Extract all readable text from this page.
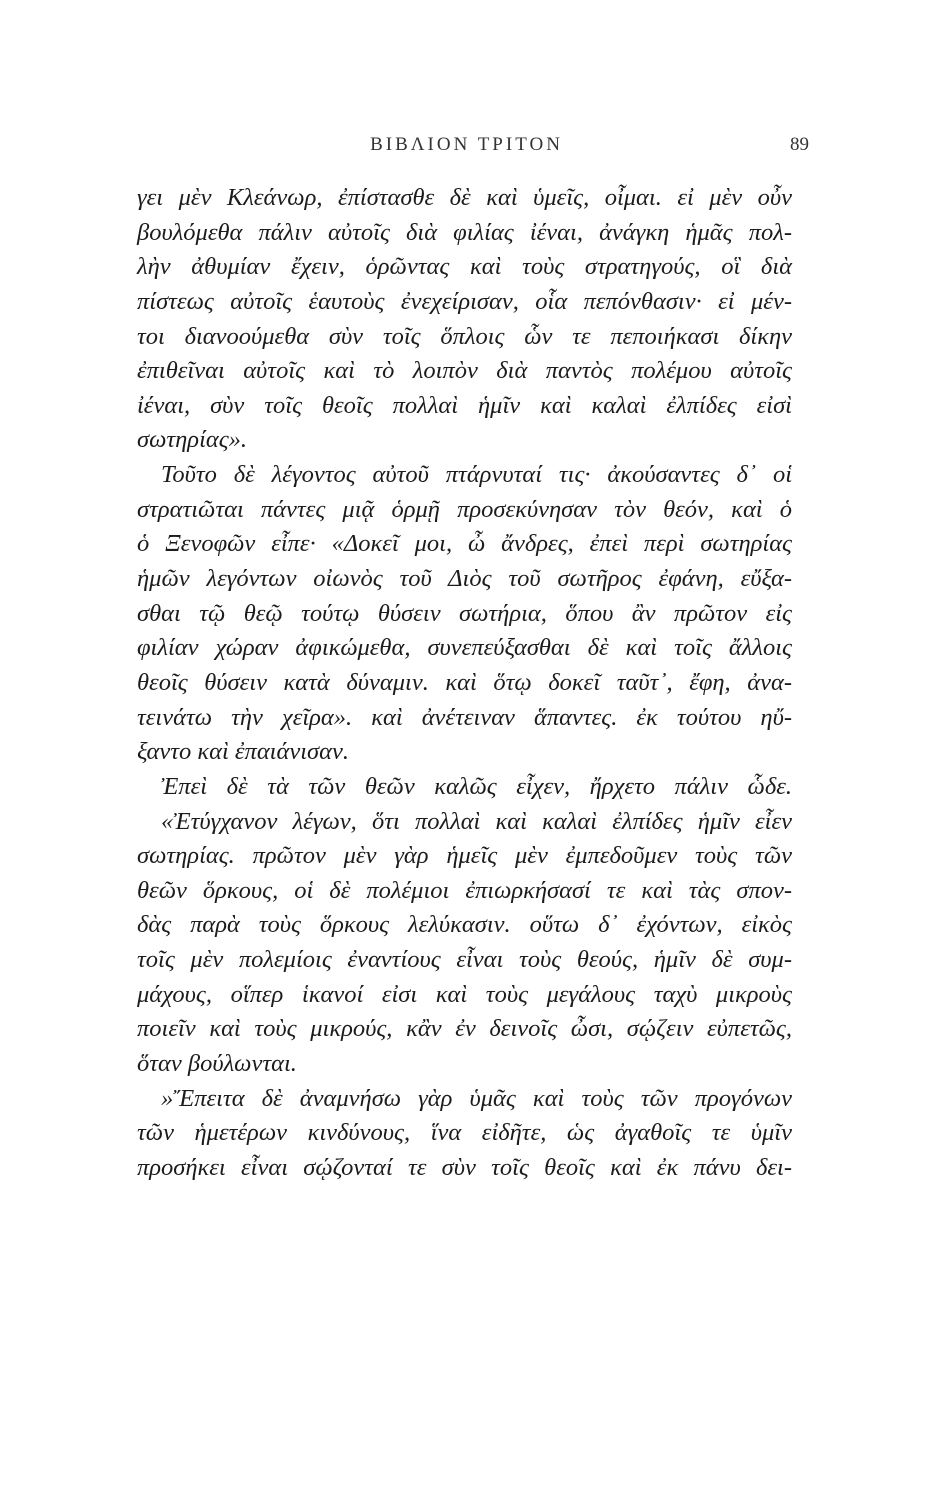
ΒΙΒΛΙΟΝ ΤΡΙΤΟΝ	89
γει μὲν Κλεάνωρ, ἐπίστασθε δὲ καὶ ὑμεῖς, οἶμαι. εἰ μὲν οὖν
βουλόμεθα πάλιν αὐτοῖς διὰ φιλίας ἰέναι, ἀνάγκη ἡμᾶς πολ-
λὴν ἀθυμίαν ἔχειν, ὁρῶντας καὶ τοὺς στρατηγούς, οἳ διὰ
πίστεως αὐτοῖς ἑαυτοὺς ἐνεχείρισαν, οἷα πεπόνθασιν· εἰ μέν-
τοι διανοούμεθα σὺν τοῖς ὅπλοις ὧν τε πεποιήκασι δίκην
ἐπιθεῖναι αὐτοῖς καὶ τὸ λοιπὸν διὰ παντὸς πολέμου αὐτοῖς
ἰέναι, σὺν τοῖς θεοῖς πολλαὶ ἡμῖν καὶ καλαὶ ἐλπίδες εἰσὶ
σωτηρίας».
Τοῦτο δὲ λέγοντος αὐτοῦ πτάρνυταί τις· ἀκούσαντες δ᾽ οἱ
στρατιῶται πάντες μιᾷ ὁρμῇ προσεκύνησαν τὸν θεόν, καὶ ὁ
ὁ Ξενοφῶν εἶπε· «Δοκεῖ μοι, ὦ ἄνδρες, ἐπεὶ περὶ σωτηρίας
ἡμῶν λεγόντων οἰωνὸς τοῦ Διὸς τοῦ σωτῆρος ἐφάνη, εὔξα-
σθαι τῷ θεῷ τούτῳ θύσειν σωτήρια, ὅπου ἂν πρῶτον εἰς
φιλίαν χώραν ἀφικώμεθα, συνεπεύξασθαι δὲ καὶ τοῖς ἄλλοις
θεοῖς θύσειν κατὰ δύναμιν. καὶ ὅτῳ δοκεῖ ταῦτ᾽, ἔφη, ἀνα-
τεινάτω τὴν χεῖρα». καὶ ἀνέτειναν ἅπαντες. ἐκ τούτου ηὔ-
ξαντο καὶ ἐπαιάνισαν.
Ἐπεὶ δὲ τὰ τῶν θεῶν καλῶς εἶχεν, ἤρχετο πάλιν ὧδε.
«Ἐτύγχανον λέγων, ὅτι πολλαὶ καὶ καλαὶ ἐλπίδες ἡμῖν εἶεν
σωτηρίας. πρῶτον μὲν γὰρ ἡμεῖς μὲν ἐμπεδοῦμεν τοὺς τῶν
θεῶν ὅρκους, οἱ δὲ πολέμιοι ἐπιωρκήσασί τε καὶ τὰς σπον-
δὰς παρὰ τοὺς ὅρκους λελύκασιν. οὕτω δ᾽ ἐχόντων, εἰκὸς
τοῖς μὲν πολεμίοις ἐναντίους εἶναι τοὺς θεούς, ἡμῖν δὲ συμ-
μάχους, οἵπερ ἱκανοί εἰσι καὶ τοὺς μεγάλους ταχὺ μικροὺς
ποιεῖν καὶ τοὺς μικρούς, κἂν ἐν δεινοῖς ὦσι, σῴζειν εὐπετῶς,
ὅταν βούλωνται.
»Ἔπειτα δὲ ἀναμνήσω γὰρ ὑμᾶς καὶ τοὺς τῶν προγόνων
τῶν ἡμετέρων κινδύνους, ἵνα εἰδῆτε, ὡς ἀγαθοῖς τε ὑμῖν
προσήκει εἶναι σῴζονταί τε σὺν τοῖς θεοῖς καὶ ἐκ πάνυ δει-
